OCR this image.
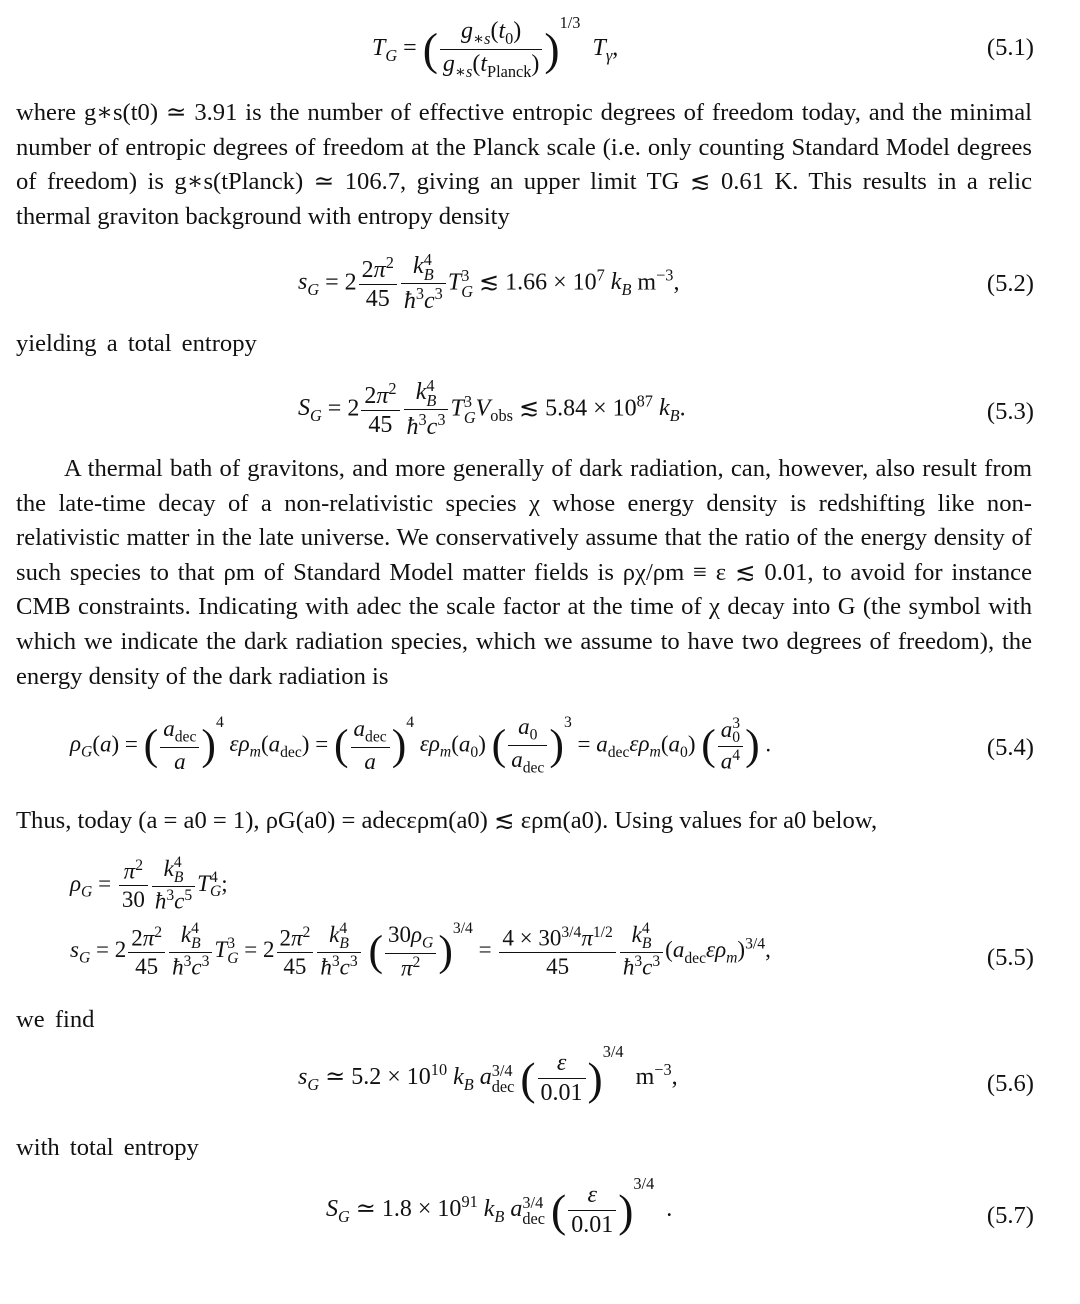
$T_G$ = ( $\frac{g_{∗s}(t_0)}{g_{∗s}(t_{Planck})} )^{1/3}$  $T_\gamma$,	(5.1)

where g∗s(t0) ≃ 3.91 is the number of effective entropic degrees of freedom today, and the minimal number of entropic degrees of freedom at the Planck scale (i.e. only counting Standard Model degrees of freedom) is g∗s(tPlanck) ≃ 106.7, giving an upper limit TG ≲ 0.61 K. This results in a relic thermal graviton background with entropy density

$s_G = 2 \frac{2\pi^2}{45} k4$
B
$ħ^3c^3$ T3
G ≲ $1.66 \times 10^7$ $k_B$ $m^{-3}$,	(5.2)
yielding a total entropy
$S_G = 2 \frac{2\pi^2}{45} k4$
B
$ħ^3c^3$ T3
$GV_{obs}$ ≲ $5.84 \times 10^{87}$ $k_B$.	(5.3)

A thermal bath of gravitons, and more generally of dark radiation, can, however, also result from the late-time decay of a non-relativistic species χ whose energy density is redshifting like non-relativistic matter in the late universe. We conservatively assume that the ratio of the energy density of such species to that ρm of Standard Model matter fields is ρχ/ρm ≡ ε ≲ 0.01, to avoid for instance CMB constraints. Indicating with adec the scale factor at the time of χ decay into G (the symbol with which we indicate the dark radiation species, which we assume to have two degrees of freedom), the energy density of the dark radiation is

$\rho_G(a)$ = ( $\frac{a_{dec}}{a} )^4$ $\varepsilon\rho_m(a_{dec})$ = ( $\frac{a_{dec}}{a} )^4$ $\varepsilon\rho_m(a_0)$ ( $\frac{a_0}{a_{dec}} )^3 = a_{dec}\varepsilon\rho_m(a_0)$ ( a3
0
$a^4$ ) .	(5.4)

Thus, today (a = a0 = 1), ρG(a0) = adecερm(a0) ≲ ερm(a0). Using values for a0 below,

$\rho_G = \frac{\pi^2}{30} k4$
B
$ħ^3c^5$ T4
G;
$s_G = 2 \frac{2\pi^2}{45} k4$
B
$ħ^3c^3$ T3
$G = 2 \frac{2\pi^2}{45} k4$
B
$ħ^3c^3$ ( $\frac{30\rho_G}{\pi^2} )^{3/4} = \frac{4 \times 30^{3/4}\pi^{1/2}}{45} k4$
B
$ħ^3c^3$ $(a_{dec}\varepsilon\rho_m)^{3/4}$,	(5.5)
we find
$s_G$ ≃ $5.2 \times 10^{10}$ $k_B$ a3/4
dec ( $\frac{\varepsilon}{0.01} )^{3/4}$  $m^{-3}$,	(5.6)
with total entropy
$S_G$ ≃ $1.8 \times 10^{91}$ $k_B$ a3/4
dec ( $\frac{\varepsilon}{0.01} )^{3/4}$  .	(5.7)
